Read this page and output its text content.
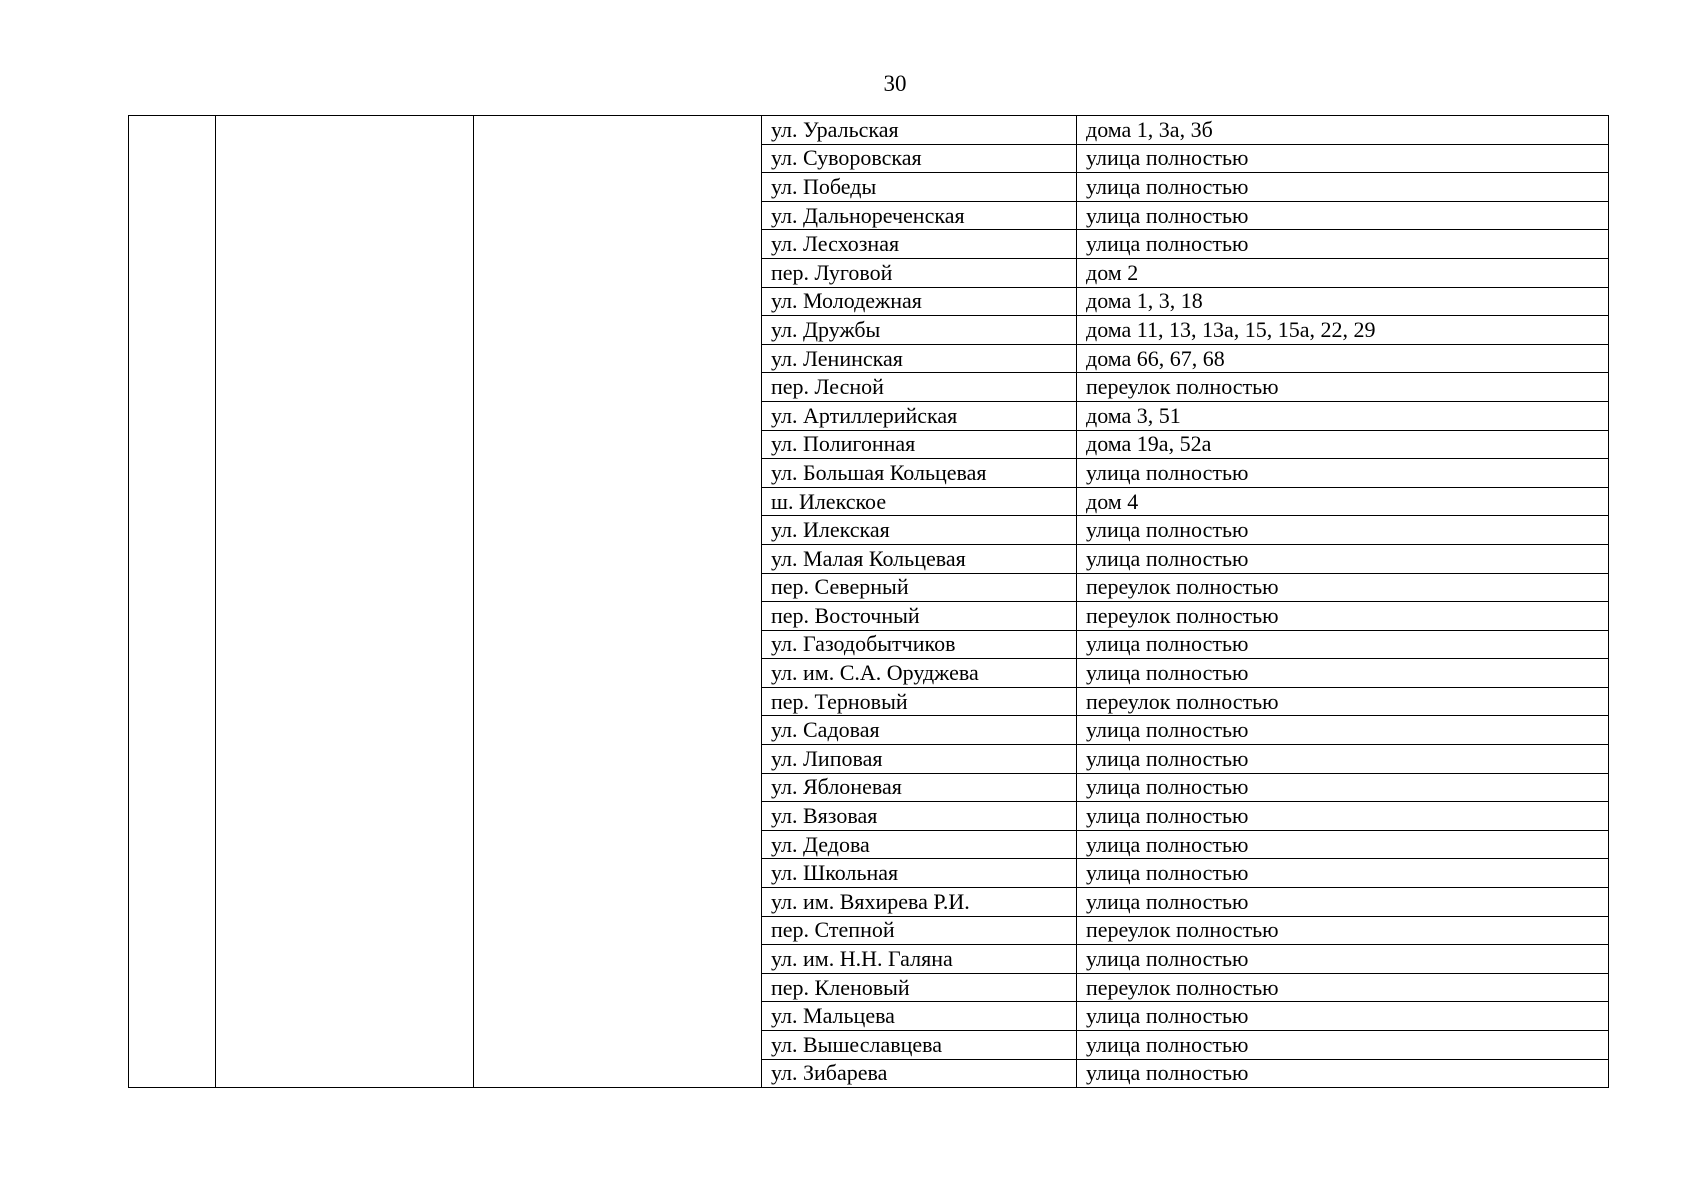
30
			ул. Уральская	дома 1, 3а, 3б
			ул. Суворовская	улица полностью
			ул. Победы	улица полностью
			ул. Дальнореченская	улица полностью
			ул. Лесхозная	улица полностью
			пер. Луговой	дом 2
			ул. Молодежная	дома 1, 3, 18
			ул. Дружбы	дома 11, 13, 13а, 15, 15а, 22, 29
			ул. Ленинская	дома 66, 67, 68
			пер. Лесной	переулок полностью
			ул. Артиллерийская	дома 3, 51
			ул. Полигонная	дома 19а, 52а
			ул. Большая Кольцевая	улица полностью
			ш. Илекское	дом 4
			ул. Илекская	улица полностью
			ул. Малая Кольцевая	улица полностью
			пер. Северный	переулок полностью
			пер. Восточный	переулок полностью
			ул. Газодобытчиков	улица полностью
			ул. им. С.А. Оруджева	улица полностью
			пер. Терновый	переулок полностью
			ул. Садовая	улица полностью
			ул. Липовая	улица полностью
			ул. Яблоневая	улица полностью
			ул. Вязовая	улица полностью
			ул. Дедова	улица полностью
			ул. Школьная	улица полностью
			ул. им. Вяхирева Р.И.	улица полностью
			пер. Степной	переулок полностью
			ул. им. Н.Н. Галяна	улица полностью
			пер. Кленовый	переулок полностью
			ул. Мальцева	улица полностью
			ул. Вышеславцева	улица полностью
			ул. Зибарева	улица полностью
